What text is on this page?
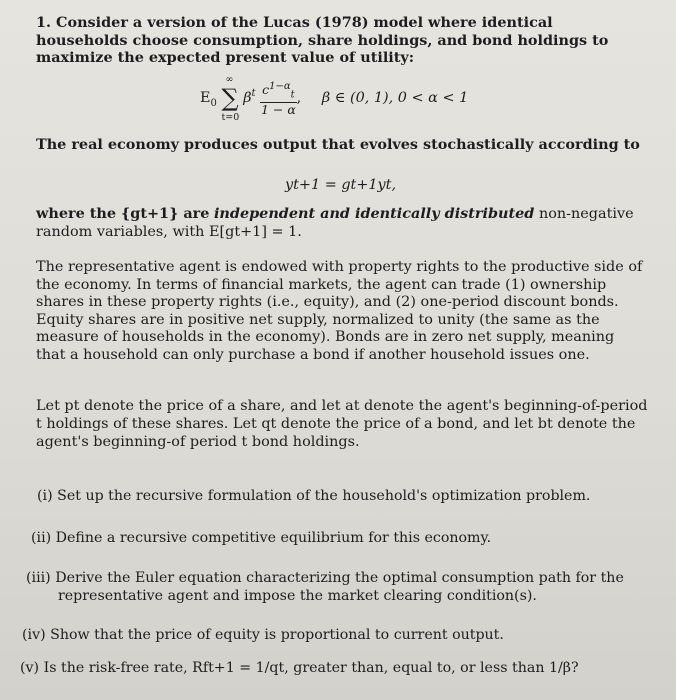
1. Consider a version of the Lucas (1978) model where identical households choose consumption, share holdings, and bond holdings to maximize the expected present value of utility:
$E_0$ ∑
∞
t=0
$\beta^t \frac{c^{1-\alpha}_t}{1 - \alpha}$ , β ∈ (0, 1), 0 < α < 1
The real economy produces output that evolves stochastically according to
yt+1 = gt+1yt,
where the {gt+1} are independent and identically distributed non-negative random variables, with E[gt+1] = 1.
The representative agent is endowed with property rights to the productive side of the economy. In terms of financial markets, the agent can trade (1) ownership shares in these property rights (i.e., equity), and (2) one-period discount bonds. Equity shares are in positive net supply, normalized to unity (the same as the measure of households in the economy). Bonds are in zero net supply, meaning that a household can only purchase a bond if another household issues one.
Let pt denote the price of a share, and let at denote the agent's beginning-of-period t holdings of these shares. Let qt denote the price of a bond, and let bt denote the agent's beginning-of period t bond holdings.
(i) Set up the recursive formulation of the household's optimization problem.
(ii) Define a recursive competitive equilibrium for this economy.
(iii) Derive the Euler equation characterizing the optimal consumption path for the
representative agent and impose the market clearing condition(s).
(iv) Show that the price of equity is proportional to current output.
(v) Is the risk-free rate, Rft+1 = 1/qt, greater than, equal to, or less than 1/β?
